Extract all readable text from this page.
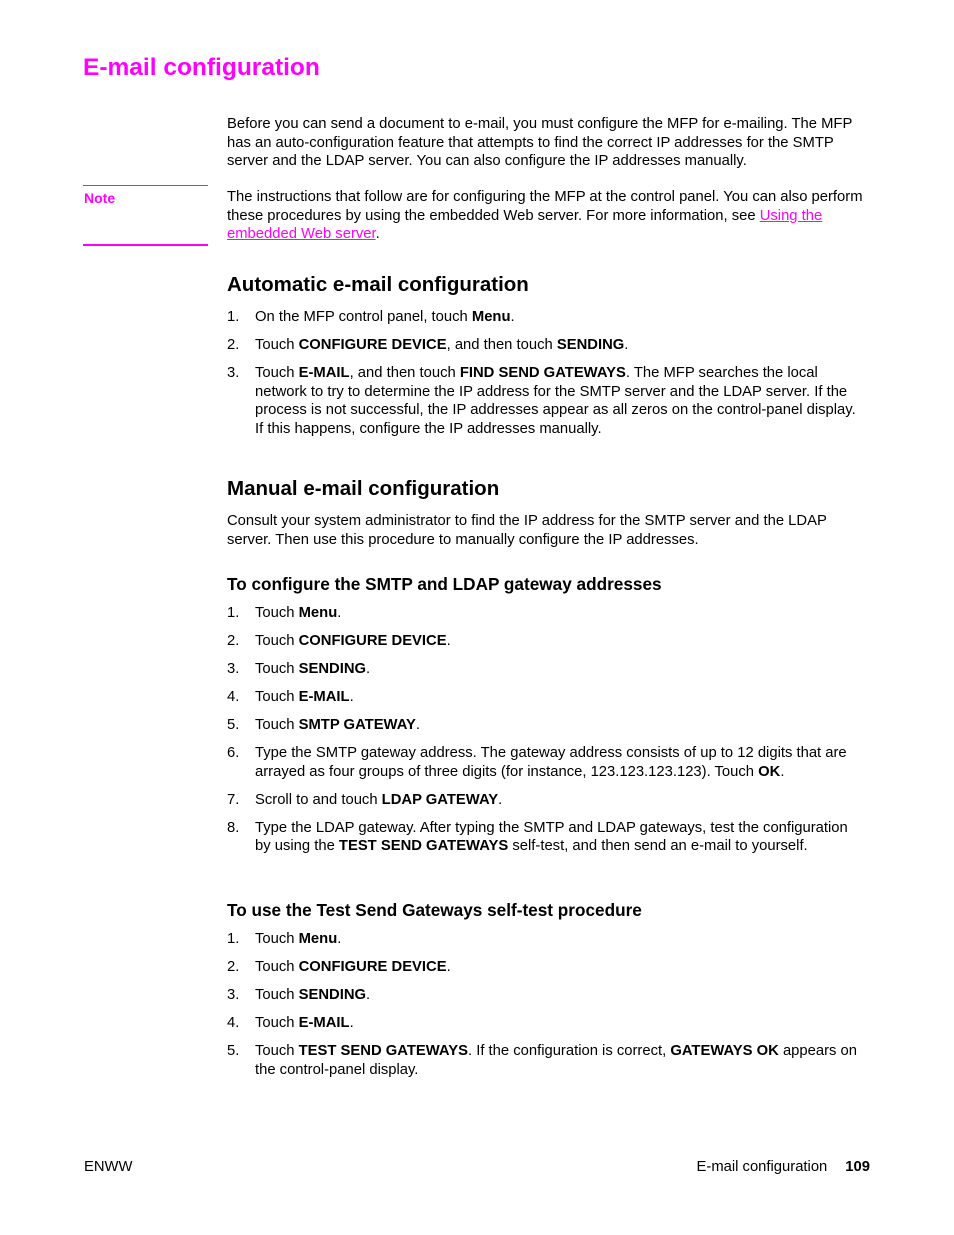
E-mail configuration

Before you can send a document to e-mail, you must configure the MFP for e-mailing. The MFP has an auto-configuration feature that attempts to find the correct IP addresses for the SMTP server and the LDAP server. You can also configure the IP addresses manually.

Note	The instructions that follow are for configuring the MFP at the control panel. You can also perform these procedures by using the embedded Web server. For more information, see Using the embedded Web server.

Automatic e-mail configuration
1. On the MFP control panel, touch Menu.
2. Touch CONFIGURE DEVICE, and then touch SENDING.
3. Touch E-MAIL, and then touch FIND SEND GATEWAYS. The MFP searches the local network to try to determine the IP address for the SMTP server and the LDAP server. If the process is not successful, the IP addresses appear as all zeros on the control-panel display. If this happens, configure the IP addresses manually.
Manual e-mail configuration

Consult your system administrator to find the IP address for the SMTP server and the LDAP server. Then use this procedure to manually configure the IP addresses.

To configure the SMTP and LDAP gateway addresses
1. Touch Menu.
2. Touch CONFIGURE DEVICE.
3. Touch SENDING.
4. Touch E-MAIL.
5. Touch SMTP GATEWAY.
6. Type the SMTP gateway address. The gateway address consists of up to 12 digits that are arrayed as four groups of three digits (for instance, 123.123.123.123). Touch OK.
7. Scroll to and touch LDAP GATEWAY.
8. Type the LDAP gateway. After typing the SMTP and LDAP gateways, test the configuration by using the TEST SEND GATEWAYS self-test, and then send an e-mail to yourself.
To use the Test Send Gateways self-test procedure
1. Touch Menu.
2. Touch CONFIGURE DEVICE.
3. Touch SENDING.
4. Touch E-MAIL.
5. Touch TEST SEND GATEWAYS. If the configuration is correct, GATEWAYS OK appears on the control-panel display.
ENWW	E-mail configuration 109
